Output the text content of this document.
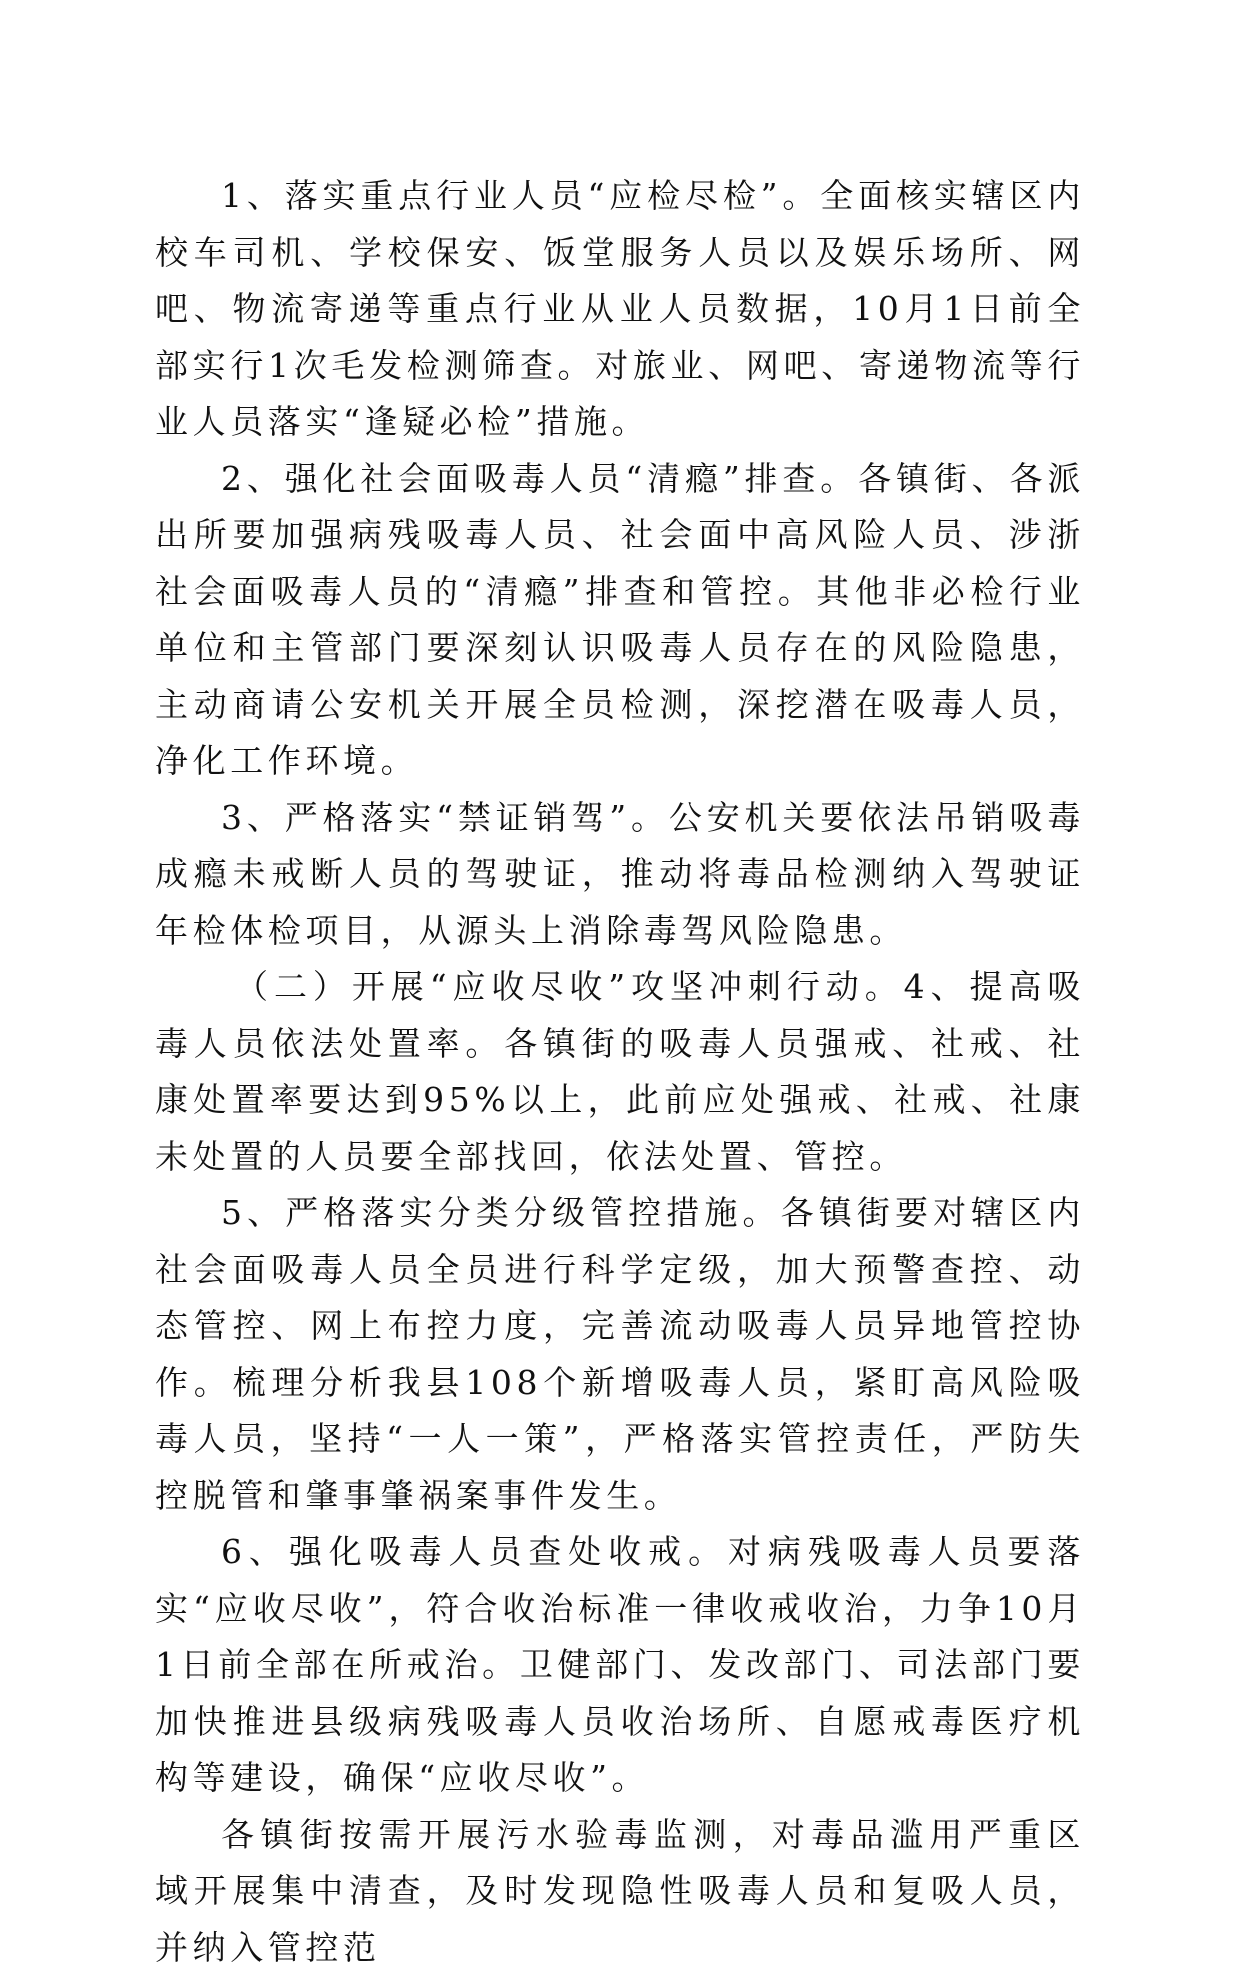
1、落实重点行业人员“应检尽检”。全面核实辖区内校车司机、学校保安、饭堂服务人员以及娱乐场所、网吧、物流寄递等重点行业从业人员数据，10月1日前全部实行1次毛发检测筛查。对旅业、网吧、寄递物流等行业人员落实“逢疑必检”措施。

2、强化社会面吸毒人员“清瘾”排查。各镇街、各派出所要加强病残吸毒人员、社会面中高风险人员、涉浙社会面吸毒人员的“清瘾”排查和管控。其他非必检行业单位和主管部门要深刻认识吸毒人员存在的风险隐患，主动商请公安机关开展全员检测，深挖潜在吸毒人员，净化工作环境。

3、严格落实“禁证销驾”。公安机关要依法吊销吸毒成瘾未戒断人员的驾驶证，推动将毒品检测纳入驾驶证年检体检项目，从源头上消除毒驾风险隐患。

（二）开展“应收尽收”攻坚冲刺行动。4、提高吸毒人员依法处置率。各镇街的吸毒人员强戒、社戒、社康处置率要达到95%以上，此前应处强戒、社戒、社康未处置的人员要全部找回，依法处置、管控。

5、严格落实分类分级管控措施。各镇街要对辖区内社会面吸毒人员全员进行科学定级，加大预警查控、动态管控、网上布控力度，完善流动吸毒人员异地管控协作。梳理分析我县108个新增吸毒人员，紧盯高风险吸毒人员，坚持“一人一策”，严格落实管控责任，严防失控脱管和肇事肇祸案事件发生。

6、强化吸毒人员查处收戒。对病残吸毒人员要落实“应收尽收”，符合收治标准一律收戒收治，力争10月1日前全部在所戒治。卫健部门、发改部门、司法部门要加快推进县级病残吸毒人员收治场所、自愿戒毒医疗机构等建设，确保“应收尽收”。

各镇街按需开展污水验毒监测，对毒品滥用严重区域开展集中清查，及时发现隐性吸毒人员和复吸人员，并纳入管控范
